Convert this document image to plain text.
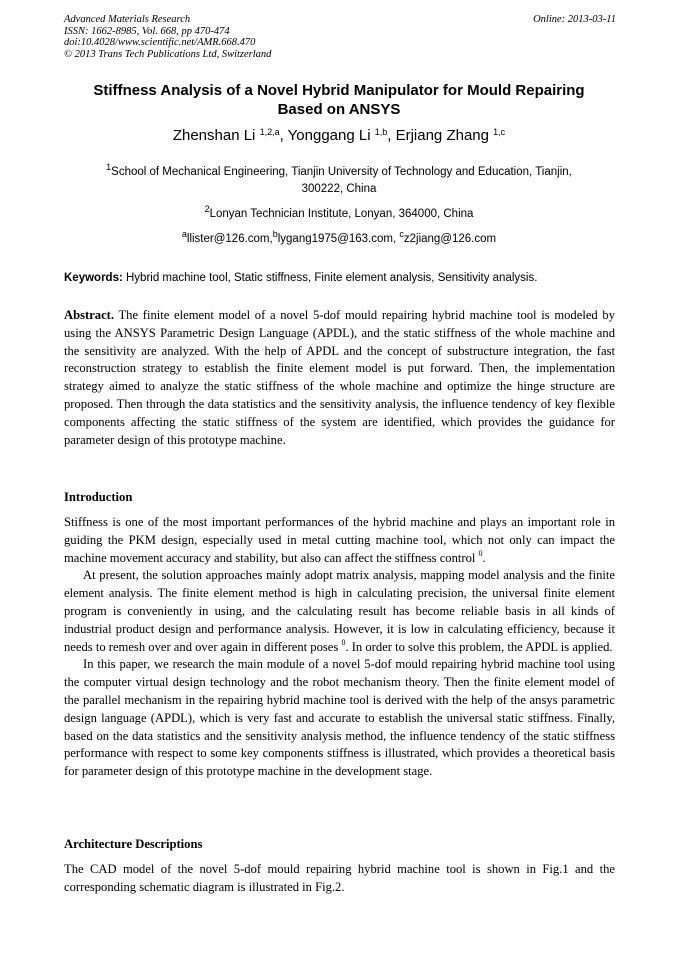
Advanced Materials Research
ISSN: 1662-8985, Vol. 668, pp 470-474
doi:10.4028/www.scientific.net/AMR.668.470
© 2013 Trans Tech Publications Ltd, Switzerland
Online: 2013-03-11
Stiffness Analysis of a Novel Hybrid Manipulator for Mould Repairing
Based on ANSYS
Zhenshan Li $^{1,2,a}$, Yonggang Li $^{1,b}$, Erjiang Zhang $^{1,c}$
$^1$School of Mechanical Engineering, Tianjin University of Technology and Education, Tianjin,
300222, China
$^2$Lonyan Technician Institute, Lonyan, 364000, China
$^a$llister@126.com,$^b$lygang1975@163.com, $^c$z2jiang@126.com
Keywords: Hybrid machine tool, Static stiffness, Finite element analysis, Sensitivity analysis.

Abstract. The finite element model of a novel 5-dof mould repairing hybrid machine tool is modeled by using the ANSYS Parametric Design Language (APDL), and the static stiffness of the whole machine and the sensitivity are analyzed. With the help of APDL and the concept of substructure integration, the fast reconstruction strategy to establish the finite element model is put forward. Then, the implementation strategy aimed to analyze the static stiffness of the whole machine and optimize the hinge structure are proposed. Then through the data statistics and the sensitivity analysis, the influence tendency of key flexible components affecting the static stiffness of the system are identified, which provides the guidance for parameter design of this prototype machine.

Introduction

Stiffness is one of the most important performances of the hybrid machine and plays an important role in guiding the PKM design, especially used in metal cutting machine tool, which not only can impact the machine movement accuracy and stability, but also can affect the stiffness control $^0$.

At present, the solution approaches mainly adopt matrix analysis, mapping model analysis and the finite element analysis. The finite element method is high in calculating precision, the universal finite element program is conveniently in using, and the calculating result has become reliable basis in all kinds of industrial product design and performance analysis. However, it is low in calculating efficiency, because it needs to remesh over and over again in different poses $^0$. In order to solve this problem, the APDL is applied.

In this paper, we research the main module of a novel 5-dof mould repairing hybrid machine tool using the computer virtual design technology and the robot mechanism theory. Then the finite element model of the parallel mechanism in the repairing hybrid machine tool is derived with the help of the ansys parametric design language (APDL), which is very fast and accurate to establish the universal static stiffness. Finally, based on the data statistics and the sensitivity analysis method, the influence tendency of the static stiffness performance with respect to some key components stiffness is illustrated, which provides a theoretical basis for parameter design of this prototype machine in the development stage.

Architecture Descriptions

The CAD model of the novel 5-dof mould repairing hybrid machine tool is shown in Fig.1 and the corresponding schematic diagram is illustrated in Fig.2.
